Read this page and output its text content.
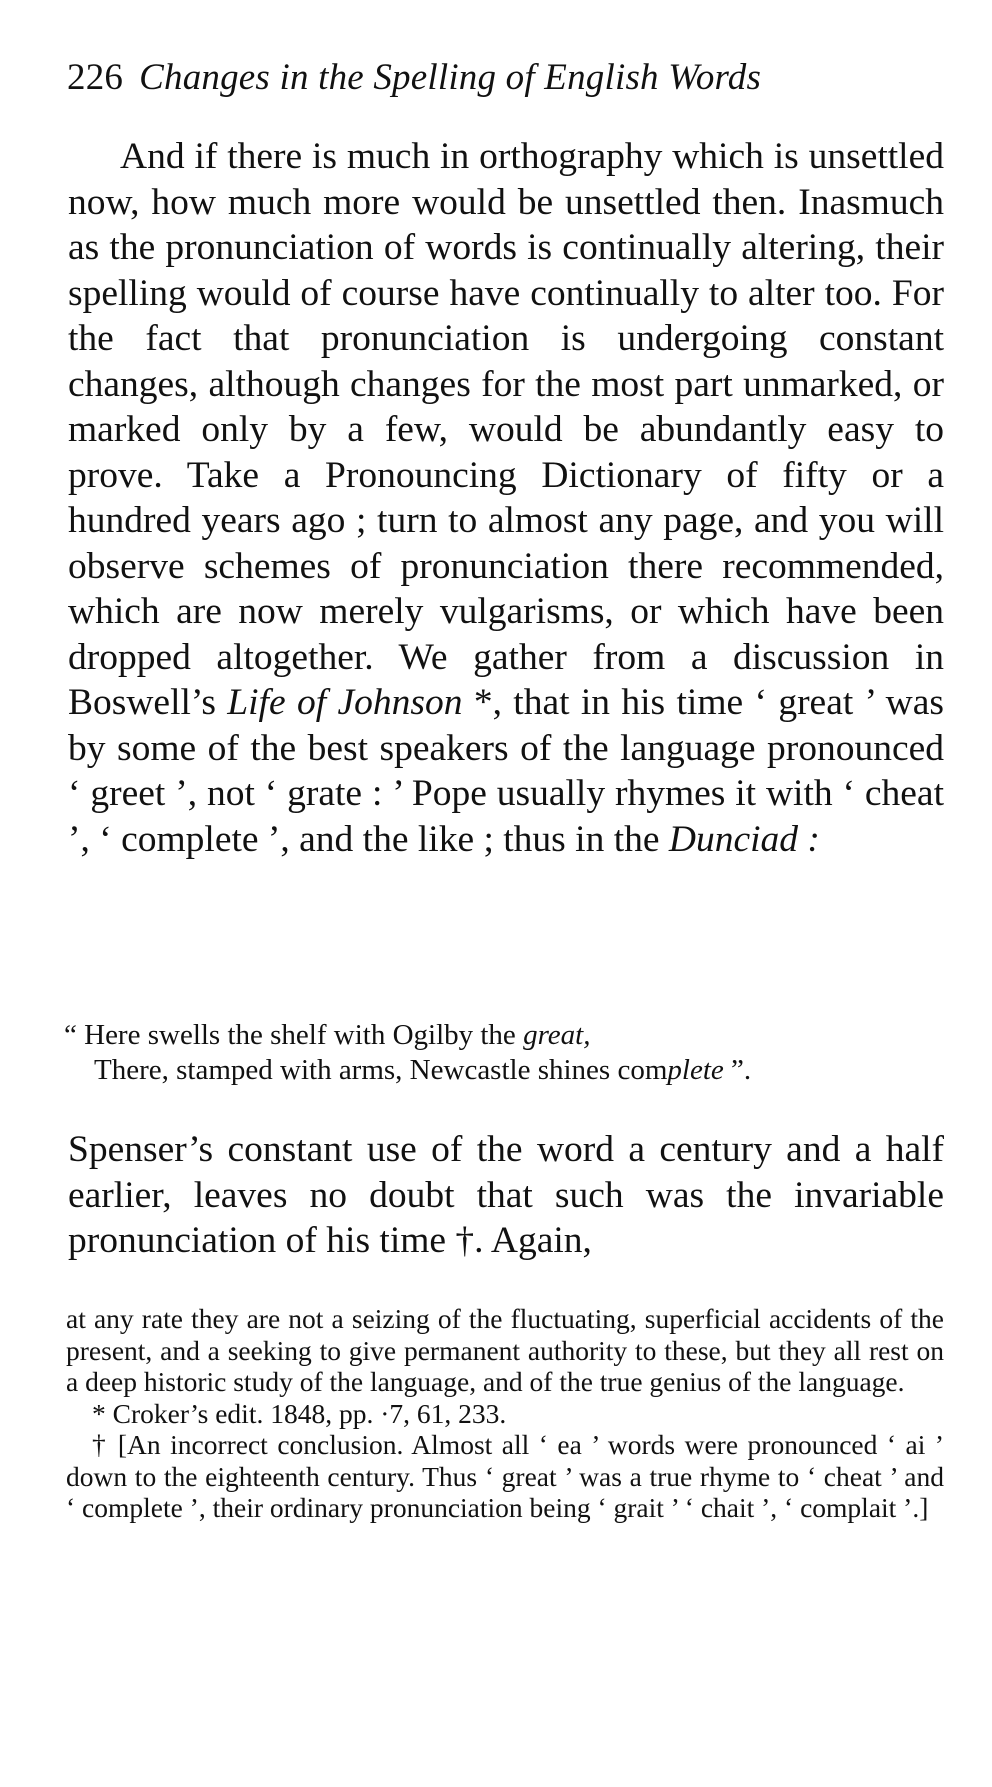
226 Changes in the Spelling of English Words

And if there is much in orthography which is unsettled now, how much more would be unsettled then. Inasmuch as the pronunciation of words is continually altering, their spelling would of course have continually to alter too. For the fact that pronunciation is undergoing constant changes, although changes for the most part unmarked, or marked only by a few, would be abundantly easy to prove. Take a Pronouncing Dictionary of fifty or a hundred years ago ; turn to almost any page, and you will observe schemes of pronunciation there recommended, which are now merely vulgarisms, or which have been dropped altogether. We gather from a discussion in Boswell’s Life of Johnson *, that in his time ‘ great ’ was by some of the best speakers of the language pronounced ‘ greet ’, not ‘ grate : ’ Pope usually rhymes it with ‘ cheat ’, ‘ complete ’, and the like ; thus in the Dunciad :

“ Here swells the shelf with Ogilby the great,
There, stamped with arms, Newcastle shines complete ”.

Spenser’s constant use of the word a century and a half earlier, leaves no doubt that such was the invariable pronunciation of his time †. Again,

at any rate they are not a seizing of the fluctuating, superficial accidents of the present, and a seeking to give permanent authority to these, but they all rest on a deep historic study of the language, and of the true genius of the language.

* Croker’s edit. 1848, pp. ·7, 61, 233.

† [An incorrect conclusion. Almost all ‘ ea ’ words were pronounced ‘ ai ’ down to the eighteenth century. Thus ‘ great ’ was a true rhyme to ‘ cheat ’ and ‘ complete ’, their ordinary pronunciation being ‘ grait ’ ‘ chait ’, ‘ complait ’.]
